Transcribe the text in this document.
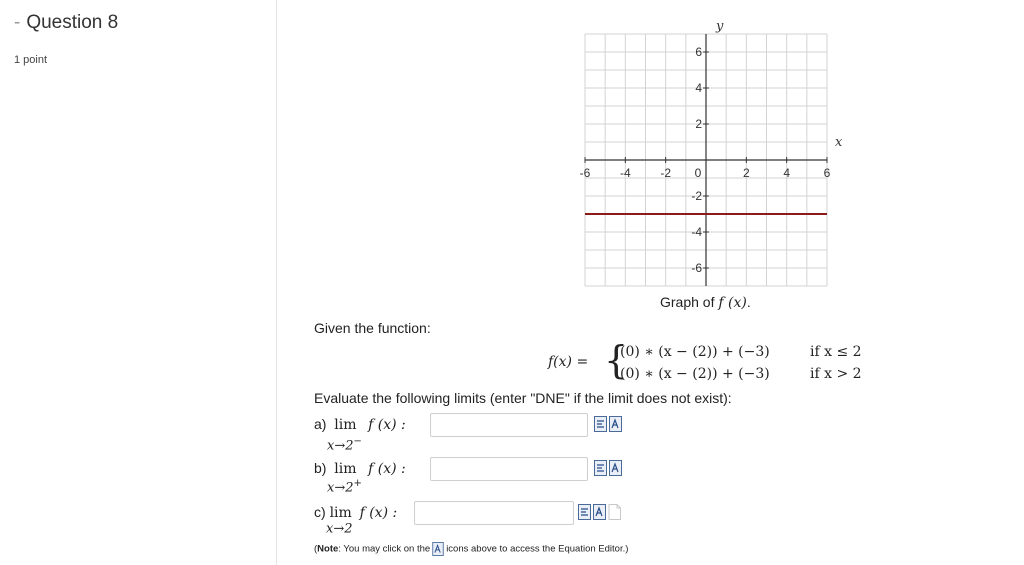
- Question 8
1 point
-6 -4 -2 0	2	4	6
6
4
2
-2
-4
-6
x
y
Graph of f (x).
Given the function:
f(x) = {
(0) ∗ (x − (2)) + (−3)
(0) ∗ (x − (2)) + (−3)
if x ≤ 2
if x > 2
Evaluate the following limits (enter "DNE" if the limit does not exist):
a) lim f (x) :
x→2−
b) lim f (x) :
x→2+
c) lim f (x) :
x→2
(Note: You may click on the icons above to access the Equation Editor.)
